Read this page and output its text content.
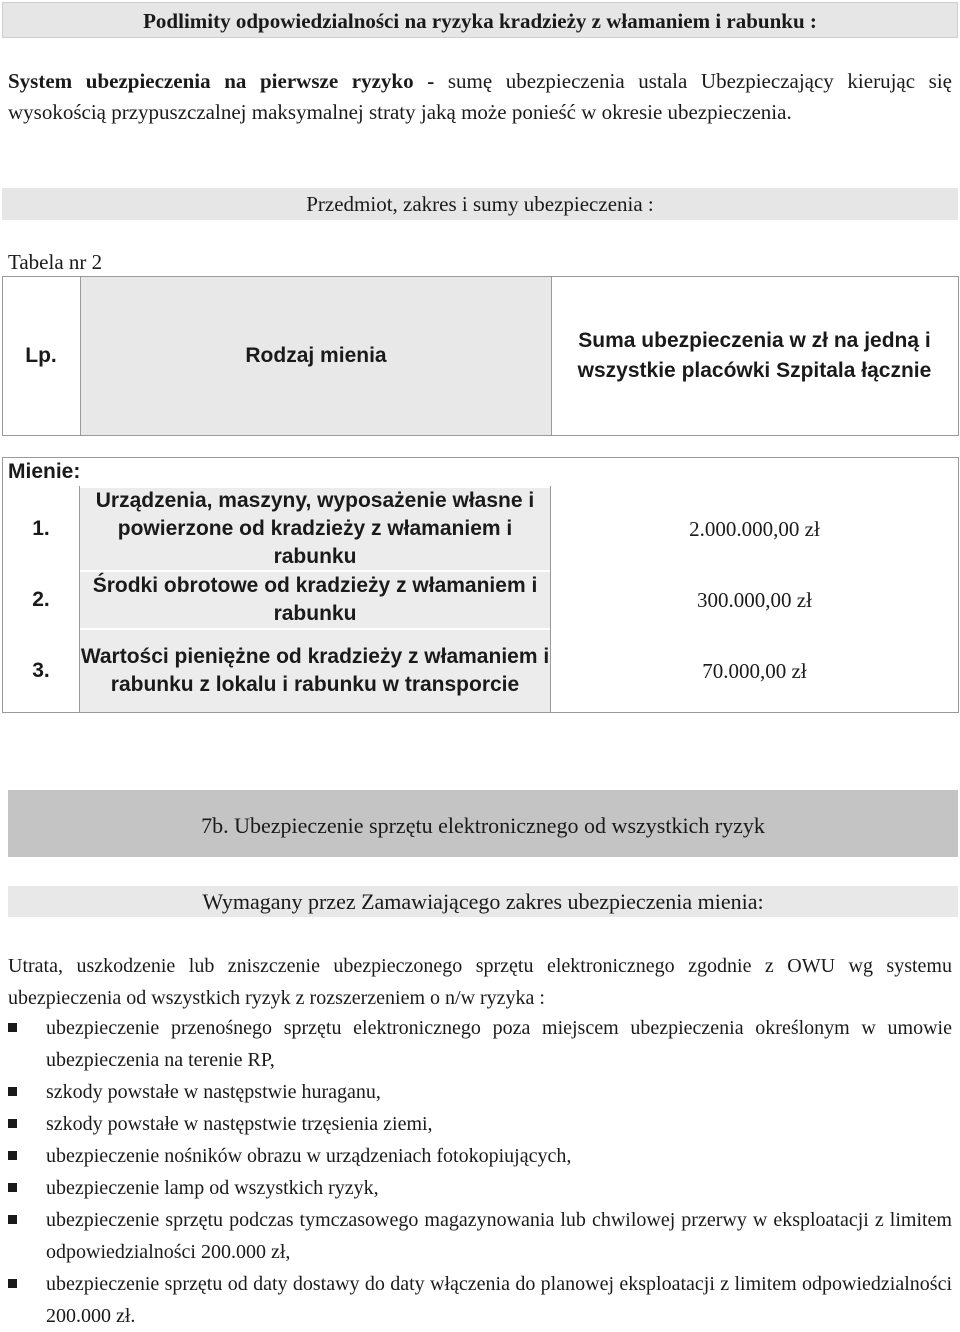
Podlimity odpowiedzialności na ryzyka kradzieży z włamaniem i rabunku :
System ubezpieczenia na pierwsze ryzyko - sumę ubezpieczenia ustala Ubezpieczający kierując się wysokością przypuszczalnej maksymalnej straty jaką może ponieść w okresie ubezpieczenia.
Przedmiot, zakres i sumy ubezpieczenia :
Tabela nr 2
Lp.	Rodzaj mienia
Suma ubezpieczenia w zł na jedną i wszystkie placówki Szpitala łącznie
1.
Urządzenia, maszyny, wyposażenie własne i powierzone od kradzieży z włamaniem i rabunku
2.000.000,00 zł
2.
Środki obrotowe od kradzieży z włamaniem i rabunku
300.000,00 zł
3.
Wartości pieniężne od kradzieży z włamaniem i rabunku z lokalu i rabunku w transporcie
70.000,00 zł
Mienie:
7b. Ubezpieczenie sprzętu elektronicznego od wszystkich ryzyk
Wymagany przez Zamawiającego zakres ubezpieczenia mienia:
Utrata, uszkodzenie lub zniszczenie ubezpieczonego sprzętu elektronicznego zgodnie z OWU wg systemu ubezpieczenia od wszystkich ryzyk z rozszerzeniem o n/w ryzyka :
ubezpieczenie przenośnego sprzętu elektronicznego poza miejscem ubezpieczenia określonym w umowie ubezpieczenia na terenie RP,
szkody powstałe w następstwie huraganu,
szkody powstałe w następstwie trzęsienia ziemi,
ubezpieczenie nośników obrazu w urządzeniach fotokopiujących,
ubezpieczenie lamp od wszystkich ryzyk,
ubezpieczenie sprzętu podczas tymczasowego magazynowania lub chwilowej przerwy w eksploatacji z limitem odpowiedzialności 200.000 zł,
ubezpieczenie sprzętu od daty dostawy do daty włączenia do planowej eksploatacji z limitem odpowiedzialności 200.000 zł.
